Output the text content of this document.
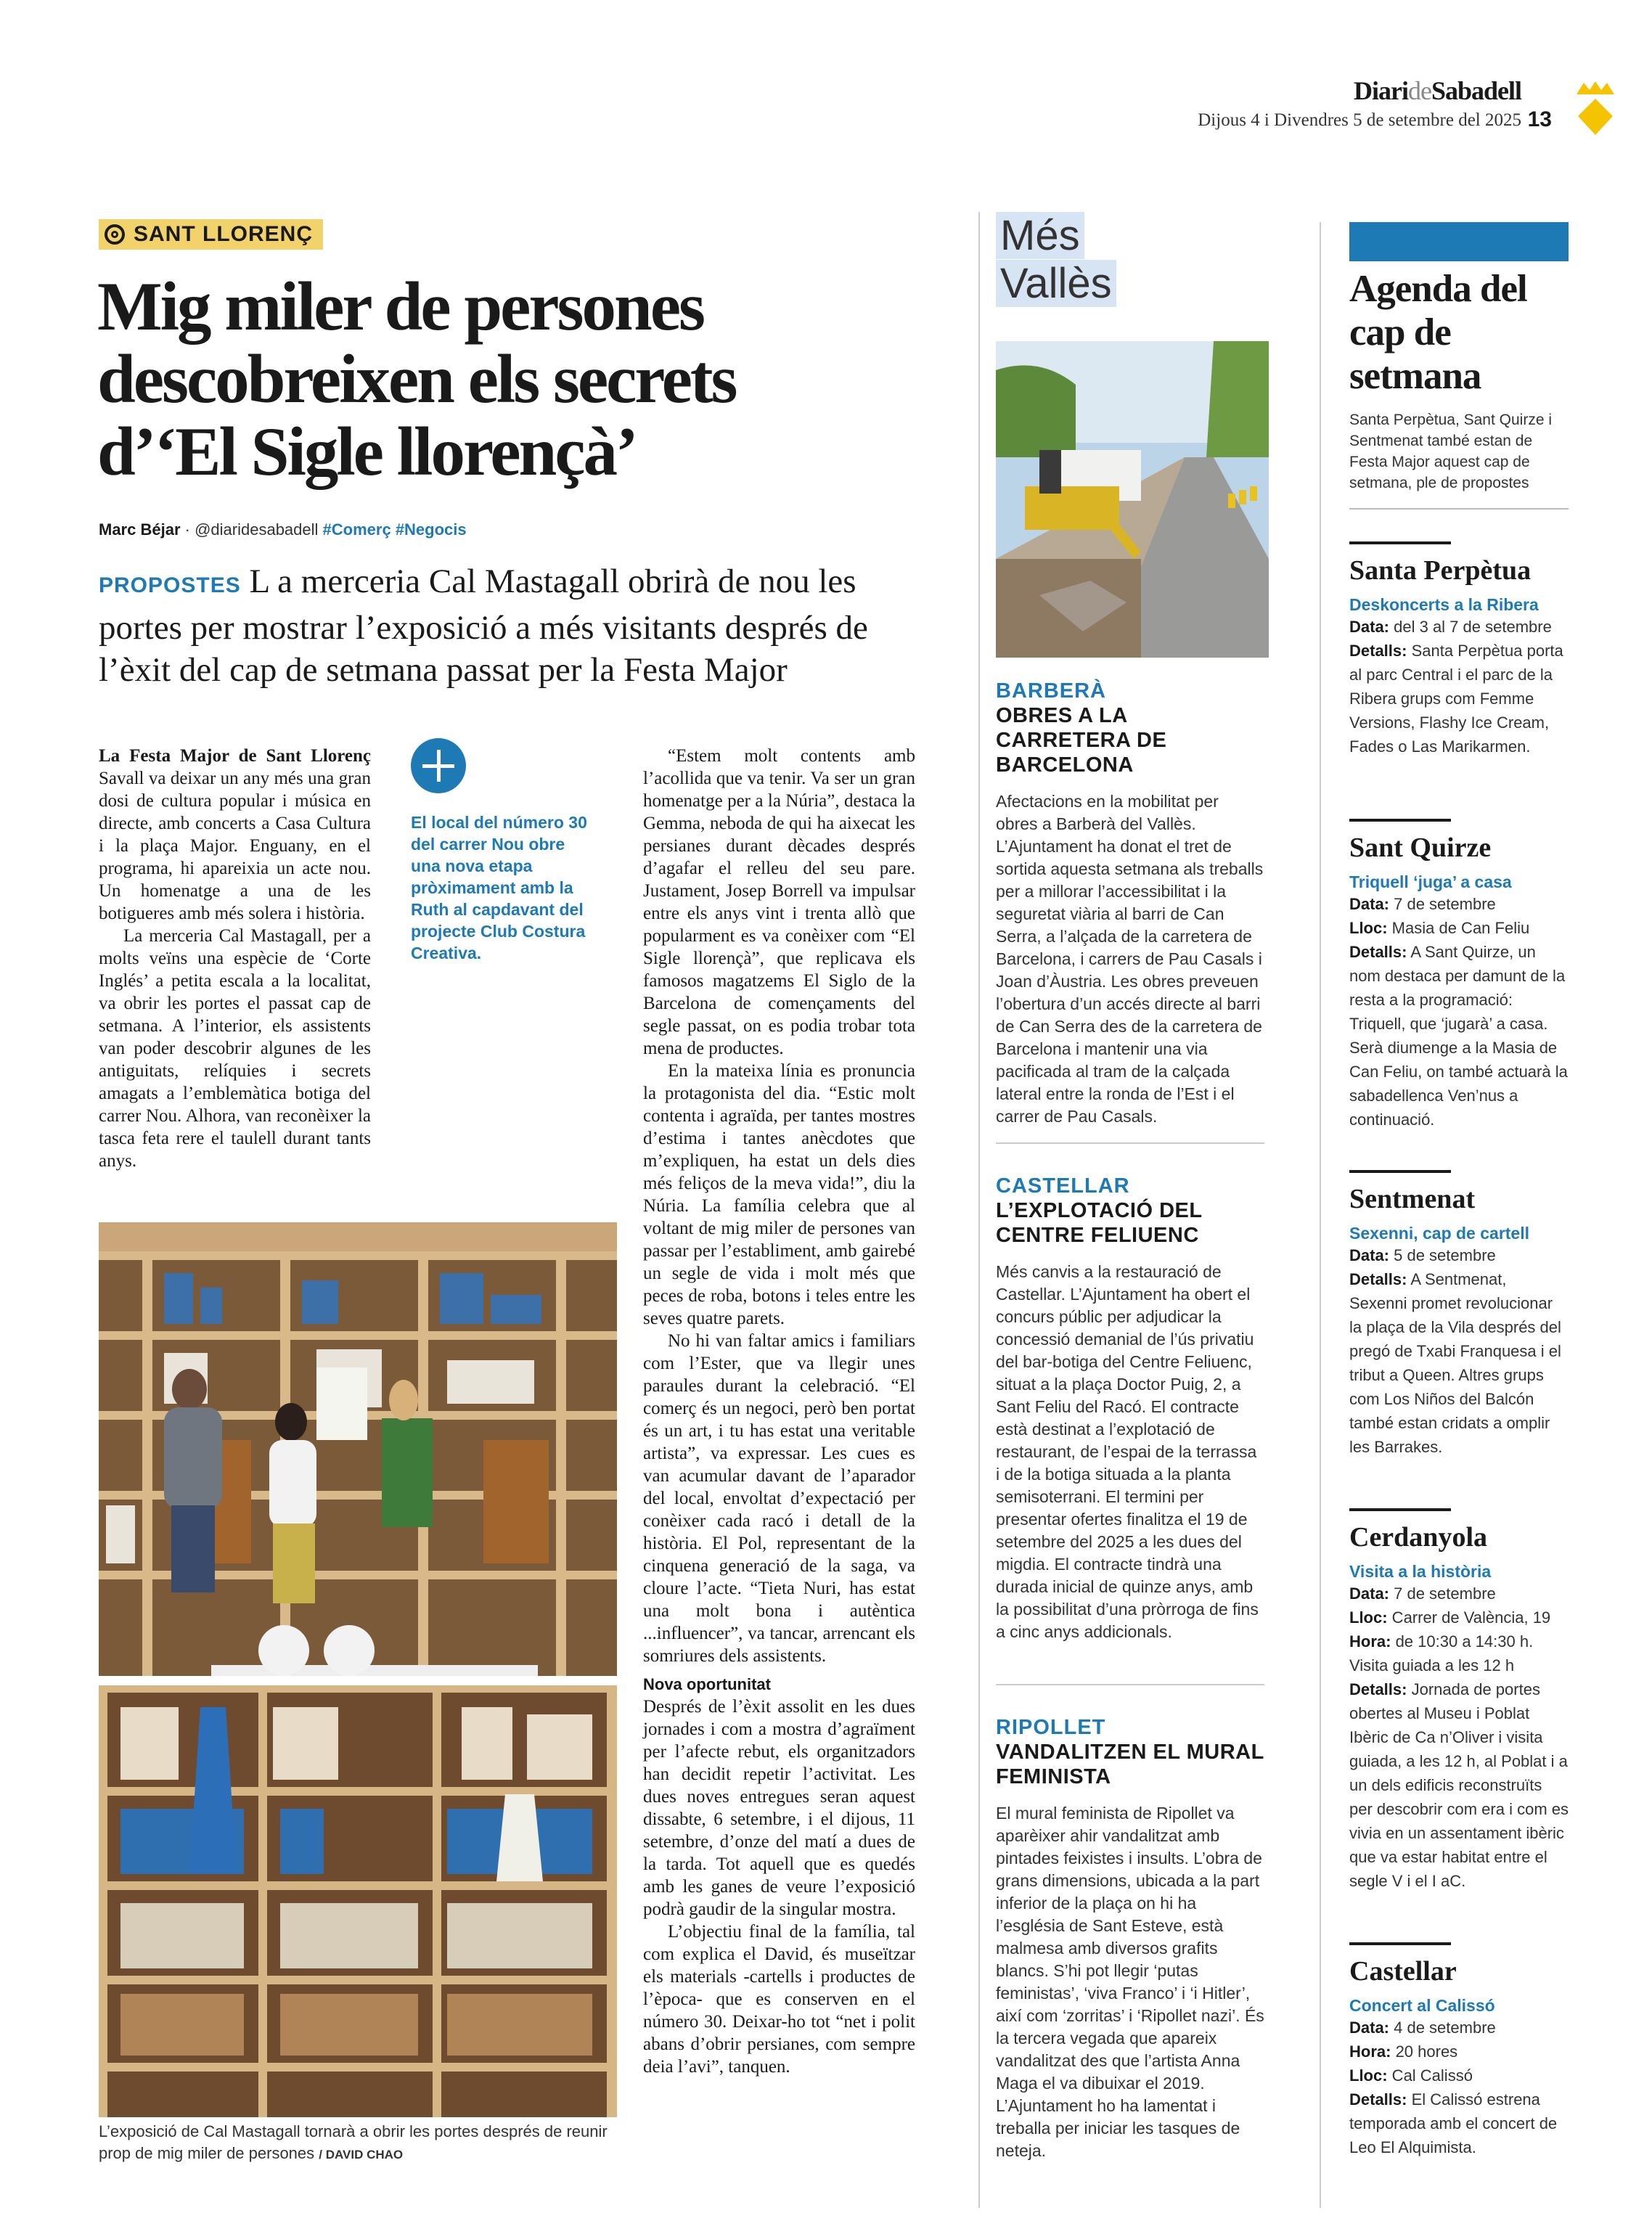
DiarideSabadell
Dijous 4 i Divendres 5 de setembre del 2025 13
SANT LLORENÇ
Mig miler de persones descobreixen els secrets d’‘El Sigle llorençà’
Marc Béjar · @diaridesabadell #Comerç #Negocis
PROPOSTES L a merceria Cal Mastagall obrirà de nou les portes per mostrar l’exposició a més visitants després de l’èxit del cap de setmana passat per la Festa Major

La Festa Major de Sant Llorenç Savall va deixar un any més una gran dosi de cultura popular i música en directe, amb concerts a Casa Cultura i la plaça Major. Enguany, en el programa, hi apareixia un acte nou. Un homenatge a una de les botigueres amb més solera i història.

La merceria Cal Mastagall, per a molts veïns una espècie de ‘Corte Inglés’ a petita escala a la localitat, va obrir les portes el passat cap de setmana. A l’interior, els assistents van poder descobrir algunes de les antiguitats, relíquies i secrets amagats a l’emblemàtica botiga del carrer Nou. Alhora, van reconèixer la tasca feta rere el taulell durant tants anys.

El local del número 30 del carrer Nou obre una nova etapa pròximament amb la Ruth al capdavant del projecte Club Costura Creativa.

“Estem molt contents amb l’acollida que va tenir. Va ser un gran homenatge per a la Núria”, destaca la Gemma, neboda de qui ha aixecat les persianes durant dècades després d’agafar el relleu del seu pare. Justament, Josep Borrell va impulsar entre els anys vint i trenta allò que popularment es va conèixer com “El Sigle llorençà”, que replicava els famosos magatzems El Siglo de la Barcelona de començaments del segle passat, on es podia trobar tota mena de productes.

En la mateixa línia es pronuncia la protagonista del dia. “Estic molt contenta i agraïda, per tantes mostres d’estima i tantes anècdotes que m’expliquen, ha estat un dels dies més feliços de la meva vida!”, diu la Núria. La família celebra que al voltant de mig miler de persones van passar per l’establiment, amb gairebé un segle de vida i molt més que peces de roba, botons i teles entre les seves quatre parets.

No hi van faltar amics i familiars com l’Ester, que va llegir unes paraules durant la celebració. “El comerç és un negoci, però ben portat és un art, i tu has estat una veritable artista”, va expressar. Les cues es van acumular davant de l’aparador del local, envoltat d’expectació per conèixer cada racó i detall de la història. El Pol, representant de la cinquena generació de la saga, va cloure l’acte. “Tieta Nuri, has estat una molt bona i autèntica ...influencer”, va tancar, arrencant els somriures dels assistents.

Nova oportunitat

Després de l’èxit assolit en les dues jornades i com a mostra d’agraïment per l’afecte rebut, els organitzadors han decidit repetir l’activitat. Les dues noves entregues seran aquest dissabte, 6 setembre, i el dijous, 11 setembre, d’onze del matí a dues de la tarda. Tot aquell que es quedés amb les ganes de veure l’exposició podrà gaudir de la singular mostra.

L’objectiu final de la família, tal com explica el David, és museïtzar els materials -cartells i productes de l’època- que es conserven en el número 30. Deixar-ho tot “net i polit abans d’obrir persianes, com sempre deia l’avi”, tanquen.

L’exposició de Cal Mastagall tornarà a obrir les portes després de reunir prop de mig miler de persones / DAVID CHAO
Més
Vallès
BARBERÀ
OBRES A LA CARRETERA DE BARCELONA
Afectacions en la mobilitat per obres a Barberà del Vallès. L’Ajuntament ha donat el tret de sortida aquesta setmana als treballs per a millorar l’accessibilitat i la seguretat viària al barri de Can Serra, a l’alçada de la carretera de Barcelona, i carrers de Pau Casals i Joan d’Àustria. Les obres preveuen l’obertura d’un accés directe al barri de Can Serra des de la carretera de Barcelona i mantenir una via pacificada al tram de la calçada lateral entre la ronda de l’Est i el carrer de Pau Casals.
CASTELLAR
L’EXPLOTACIÓ DEL CENTRE FELIUENC
Més canvis a la restauració de Castellar. L’Ajuntament ha obert el concurs públic per adjudicar la concessió demanial de l’ús privatiu del bar-botiga del Centre Feliuenc, situat a la plaça Doctor Puig, 2, a Sant Feliu del Racó. El contracte està destinat a l’explotació de restaurant, de l’espai de la terrassa i de la botiga situada a la planta semisoterrani. El termini per presentar ofertes finalitza el 19 de setembre del 2025 a les dues del migdia. El contracte tindrà una durada inicial de quinze anys, amb la possibilitat d’una pròrroga de fins a cinc anys addicionals.
RIPOLLET
VANDALITZEN EL MURAL FEMINISTA
El mural feminista de Ripollet va aparèixer ahir vandalitzat amb pintades feixistes i insults. L’obra de grans dimensions, ubicada a la part inferior de la plaça on hi ha l’església de Sant Esteve, està malmesa amb diversos grafits blancs. S’hi pot llegir ‘putas feministas’, ‘viva Franco’ i ‘i Hitler’, així com ‘zorritas’ i ‘Ripollet nazi’. És la tercera vegada que apareix vandalitzat des que l’artista Anna Maga el va dibuixar el 2019. L’Ajuntament ho ha lamentat i treballa per iniciar les tasques de neteja.
Agenda del cap de setmana
Santa Perpètua, Sant Quirze i Sentmenat també estan de Festa Major aquest cap de setmana, ple de propostes
Santa Perpètua
Deskoncerts a la Ribera
Data: del 3 al 7 de setembre
Detalls: Santa Perpètua porta al parc Central i el parc de la Ribera grups com Femme Versions, Flashy Ice Cream, Fades o Las Marikarmen.
Sant Quirze
Triquell ‘juga’ a casa
Data: 7 de setembre
Lloc: Masia de Can Feliu
Detalls: A Sant Quirze, un nom destaca per damunt de la resta a la programació: Triquell, que ‘jugarà’ a casa. Serà diumenge a la Masia de Can Feliu, on també actuarà la sabadellenca Ven’nus a continuació.
Sentmenat
Sexenni, cap de cartell
Data: 5 de setembre
Detalls: A Sentmenat, Sexenni promet revolucionar la plaça de la Vila després del pregó de Txabi Franquesa i el tribut a Queen. Altres grups com Los Niños del Balcón també estan cridats a omplir les Barrakes.
Cerdanyola
Visita a la història
Data: 7 de setembre
Lloc: Carrer de València, 19
Hora: de 10:30 a 14:30 h. Visita guiada a les 12 h
Detalls: Jornada de portes obertes al Museu i Poblat Ibèric de Ca n’Oliver i visita guiada, a les 12 h, al Poblat i a un dels edificis reconstruïts per descobrir com era i com es vivia en un assentament ibèric que va estar habitat entre el segle V i el I aC.
Castellar
Concert al Calissó
Data: 4 de setembre
Hora: 20 hores
Lloc: Cal Calissó
Detalls: El Calissó estrena temporada amb el concert de Leo El Alquimista.
